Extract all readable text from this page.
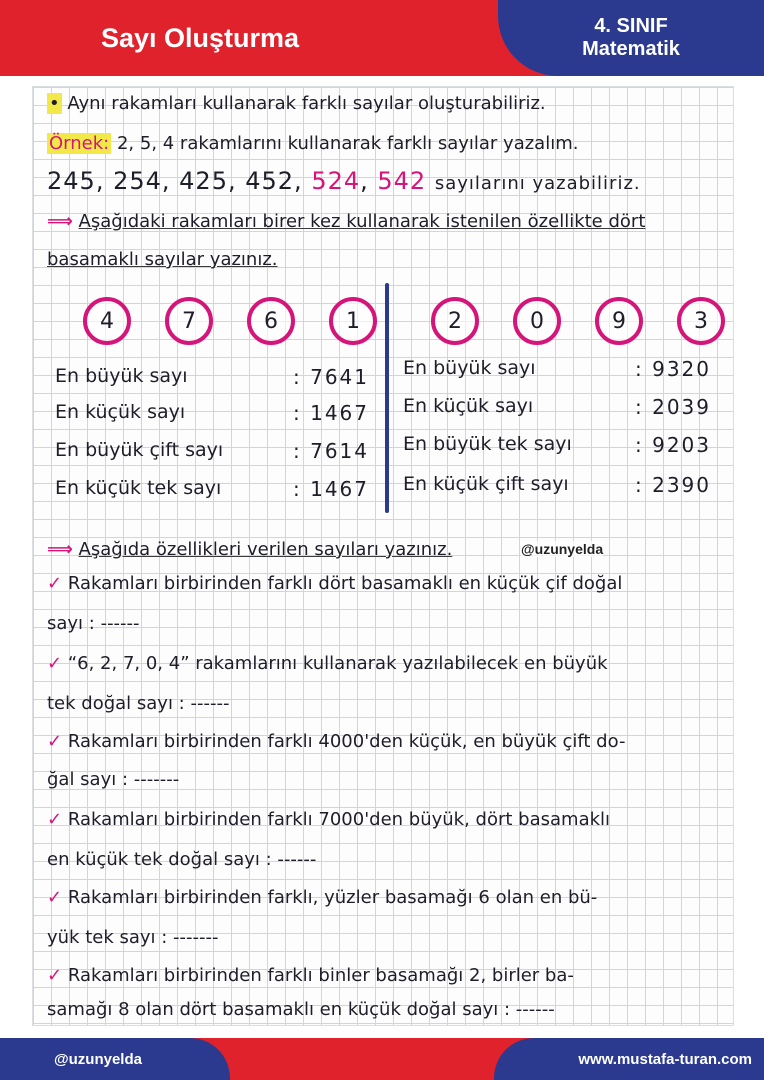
Sayı Oluşturma	4. SINIF
Matematik
• Aynı rakamları kullanarak farklı sayılar oluşturabiliriz.
Örnek: 2, 5, 4 rakamlarını kullanarak farklı sayılar yazalım.
245, 254, 425, 452, 524, 542 sayılarını yazabiliriz.
⟹ Aşağıdaki rakamları birer kez kullanarak istenilen özellikte dört
basamaklı sayılar yazınız.
4	7	6	1	2	0	9	3
En büyük sayı	: 7641
En küçük sayı	: 1467
En büyük çift sayı	: 7614
En küçük tek sayı	: 1467
En büyük sayı	: 9320
En küçük sayı	: 2039
En büyük tek sayı	: 9203
En küçük çift sayı	: 2390
⟹ Aşağıda özellikleri verilen sayıları yazınız.	@uzunyelda
✓ Rakamları birbirinden farklı dört basamaklı en küçük çif doğal
sayı : ------
✓ “6, 2, 7, 0, 4” rakamlarını kullanarak yazılabilecek en büyük
tek doğal sayı : ------
✓ Rakamları birbirinden farklı 4000'den küçük, en büyük çift do-
ğal sayı : -------
✓ Rakamları birbirinden farklı 7000'den büyük, dört basamaklı
en küçük tek doğal sayı : ------
✓ Rakamları birbirinden farklı, yüzler basamağı 6 olan en bü-
yük tek sayı : -------
✓ Rakamları birbirinden farklı binler basamağı 2, birler ba-
samağı 8 olan dört basamaklı en küçük doğal sayı : ------
@uzunyelda	www.mustafa-turan.com
